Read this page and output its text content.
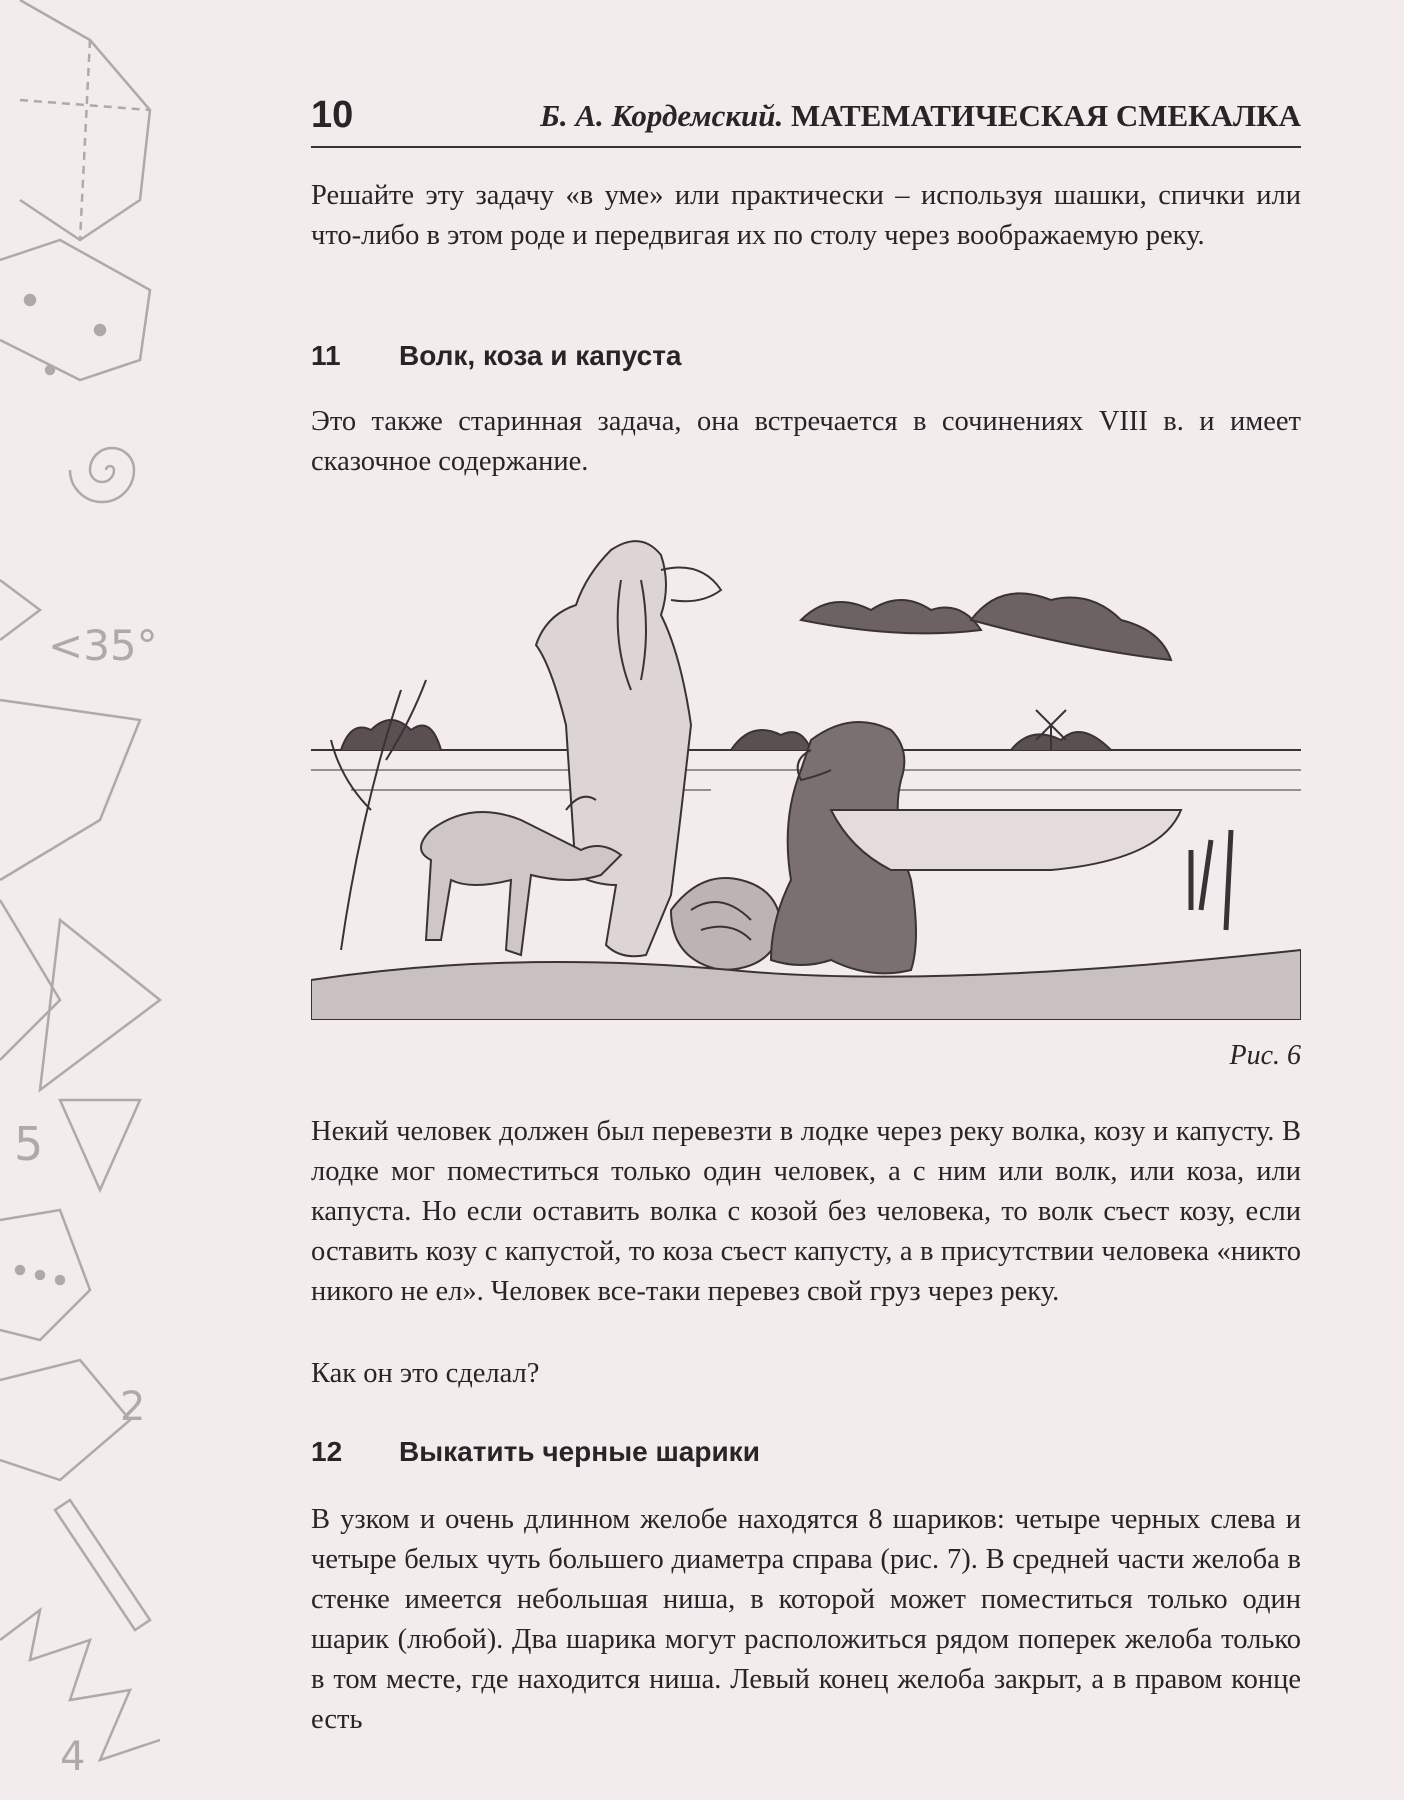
<35°
5
2
4
10	Б. А. Кордемский. МАТЕМАТИЧЕСКАЯ СМЕКАЛКА

Решайте эту задачу «в уме» или практически – используя шашки, спички или что-либо в этом роде и передвигая их по столу через воображаемую реку.

11 Волк, коза и капуста

Это также старинная задача, она встречается в сочинениях VIII в. и имеет сказочное содержание.

Рис. 6

Некий человек должен был перевезти в лодке через реку волка, козу и капусту. В лодке мог поместиться только один человек, а с ним или волк, или коза, или капуста. Но если оставить волка с козой без человека, то волк съест козу, если оставить козу с капустой, то коза съест капусту, а в присутствии человека «никто никого не ел». Человек все-таки перевез свой груз через реку.

Как он это сделал?

12 Выкатить черные шарики

В узком и очень длинном желобе находятся 8 шариков: четыре черных слева и четыре белых чуть большего диаметра справа (рис. 7). В средней части желоба в стенке имеется небольшая ниша, в которой может поместиться только один шарик (любой). Два шарика могут расположиться рядом поперек желоба только в том месте, где находится ниша. Левый конец желоба закрыт, а в правом конце есть
